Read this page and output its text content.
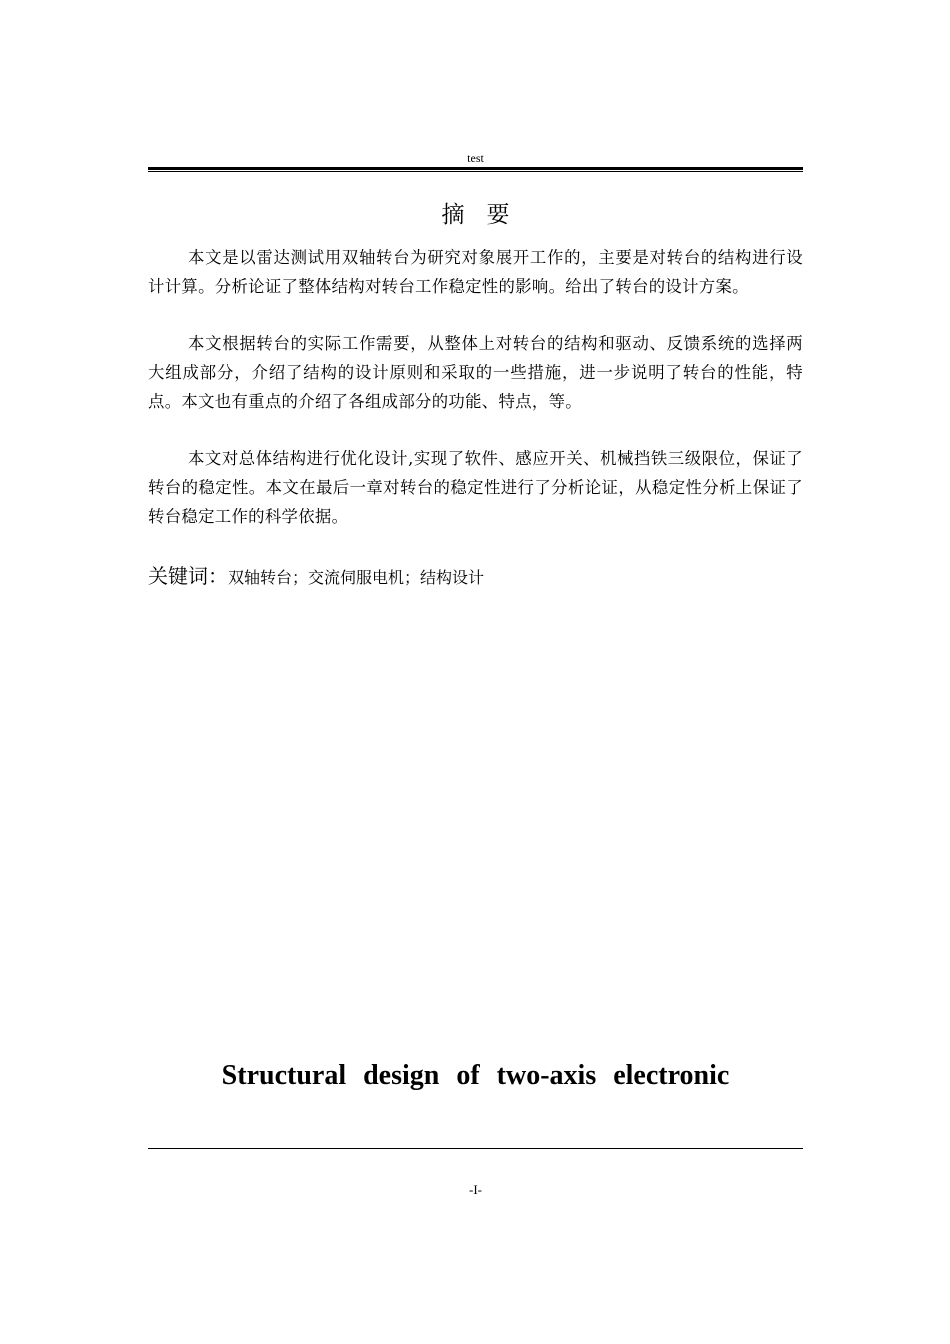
test
摘要

本文是以雷达测试用双轴转台为研究对象展开工作的，主要是对转台的结构进行设计计算。分析论证了整体结构对转台工作稳定性的影响。给出了转台的设计方案。

本文根据转台的实际工作需要，从整体上对转台的结构和驱动、反馈系统的选择两大组成部分，介绍了结构的设计原则和采取的一些措施，进一步说明了转台的性能，特点。本文也有重点的介绍了各组成部分的功能、特点，等。

本文对总体结构进行优化设计,实现了软件、感应开关、机械挡铁三级限位，保证了转台的稳定性。本文在最后一章对转台的稳定性进行了分析论证，从稳定性分析上保证了转台稳定工作的科学依据。

关键词：双轴转台；交流伺服电机；结构设计
Structural design of two-axis electronic
-I-
